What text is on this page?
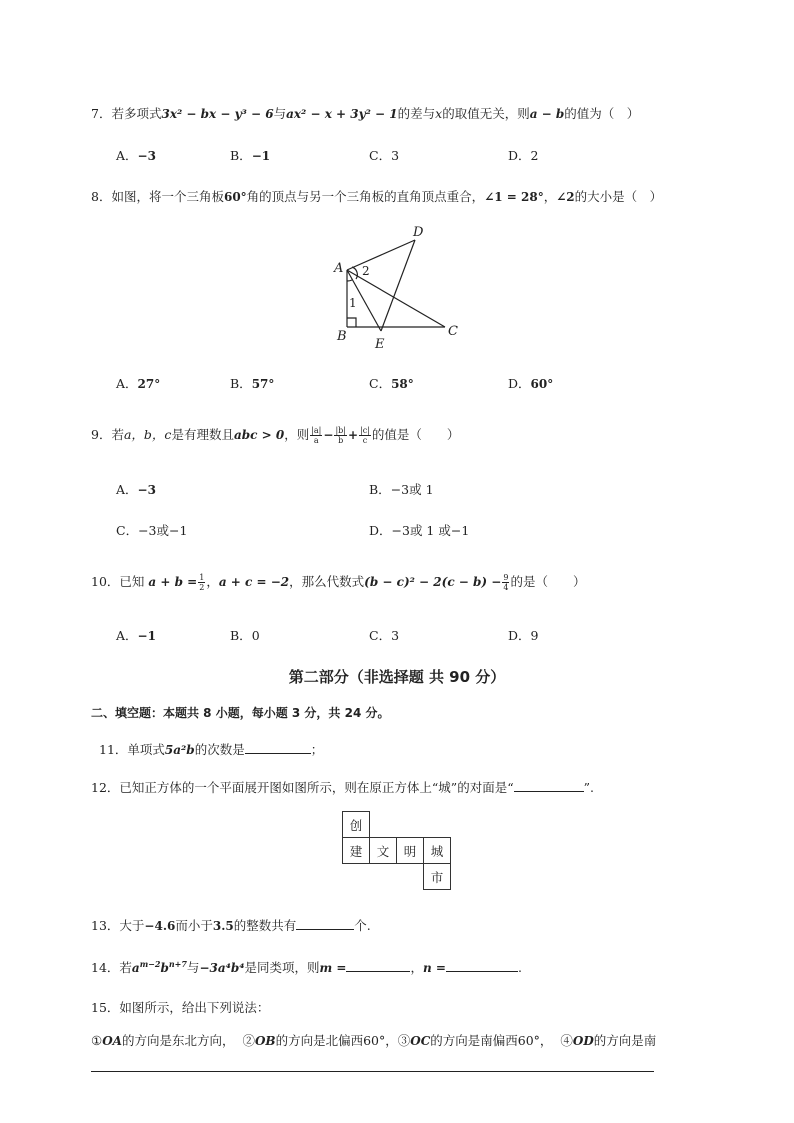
7．若多项式3x² − bx − y³ − 6与ax² − x + 3y² − 1的差与x的取值无关，则a − b的值为（　）
A．−3	B．−1	C．3	D．2
8．如图，将一个三角板60°角的顶点与另一个三角板的直角顶点重合，∠1 = 28°，∠2的大小是（　）
A
B	C
D
E
1
2
A．27°	B．57°	C．58°	D．60°
9．若a，b，c是有理数且abc > 0，则 $\frac{|a|}{a} - \frac{|b|}{b} + \frac{|c|}{c}$ 的值是（　　）
A．−3	B．−3或 1
C．−3或−1	D．−3或 1 或−1
10．已知 $a + b = \frac{1}{2}$ ，a + c = −2，那么代数式$(b - c)^2 - 2(c - b) - \frac{9}{4}$ 的是（　　）
A．−1	B．0	C．3	D．9
第二部分（非选择题 共 90 分）
二、填空题：本题共 8 小题，每小题 3 分，共 24 分。
11．单项式5a²b的次数是	；
12．已知正方体的一个平面展开图如图所示，则在原正方体上“城”的对面是“	”.
创			
建	文	明	城
			市
13．大于−4.6而小于3.5的整数共有	个.
14．若$a^{m-2}b^{n+7}$与−3a⁴b⁴是同类项，则m =	，n =	.
15．如图所示，给出下列说法：
①OA的方向是东北方向， ②OB的方向是北偏西60°，③OC的方向是南偏西60°， ④OD的方向是南
